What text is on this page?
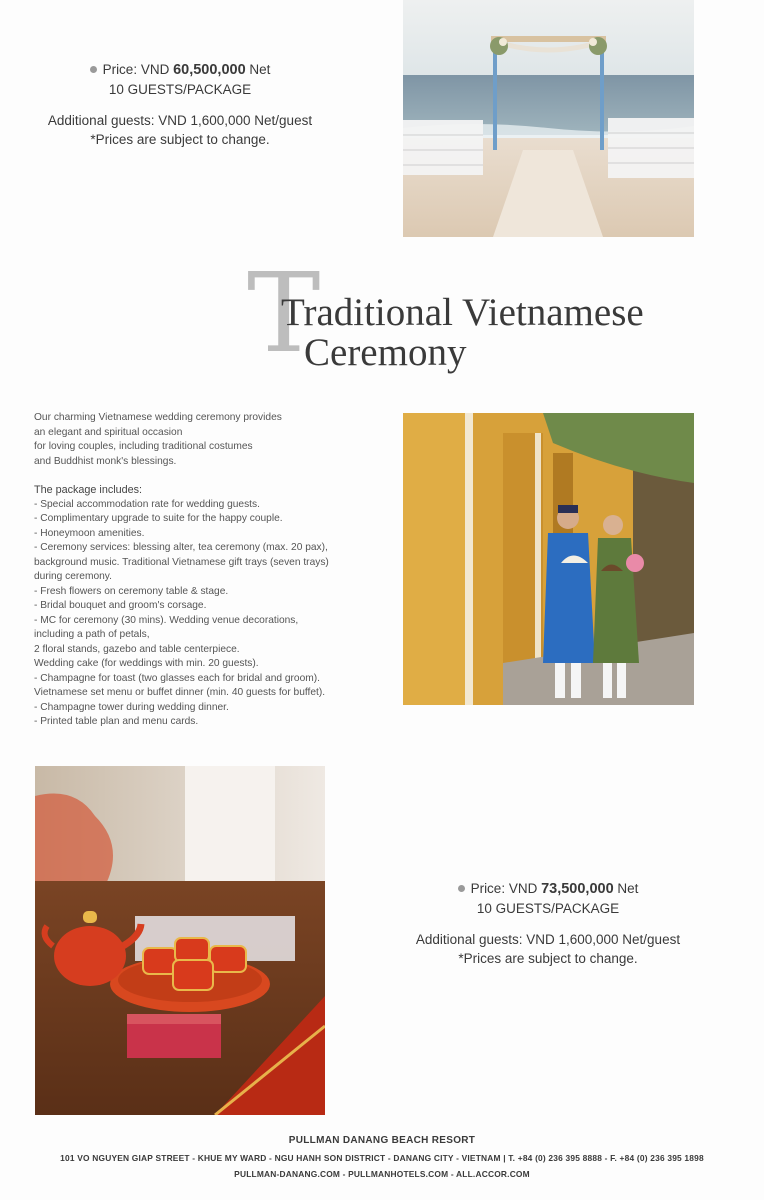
Price: VND 60,500,000 Net
10 GUESTS/PACKAGE
Additional guests: VND 1,600,000 Net/guest
*Prices are subject to change.
T
Traditional Vietnamese
Ceremony

Our charming Vietnamese wedding ceremony provides

an elegant and spiritual occasion

for loving couples, including traditional costumes

and Buddhist monk's blessings.

The package includes:

- Special accommodation rate for wedding guests.
- Complimentary upgrade to suite for the happy couple.
- Honeymoon amenities.
- Ceremony services: blessing alter, tea ceremony (max. 20 pax),
background music. Traditional Vietnamese gift trays (seven trays)
during ceremony.
- Fresh flowers on ceremony table & stage.
- Bridal bouquet and groom's corsage.
- MC for ceremony (30 mins). Wedding venue decorations,
including a path of petals,
2 floral stands, gazebo and table centerpiece.
Wedding cake (for weddings with min. 20 guests).
- Champagne for toast (two glasses each for bridal and groom).
Vietnamese set menu or buffet dinner (min. 40 guests for buffet).
- Champagne tower during wedding dinner.
- Printed table plan and menu cards.
Price: VND 73,500,000 Net
10 GUESTS/PACKAGE
Additional guests: VND 1,600,000 Net/guest
*Prices are subject to change.
PULLMAN DANANG BEACH RESORT
101 VO NGUYEN GIAP STREET - KHUE MY WARD - NGU HANH SON DISTRICT - DANANG CITY - VIETNAM | T. +84 (0) 236 395 8888 - F. +84 (0) 236 395 1898
PULLMAN-DANANG.COM - PULLMANHOTELS.COM - ALL.ACCOR.COM
